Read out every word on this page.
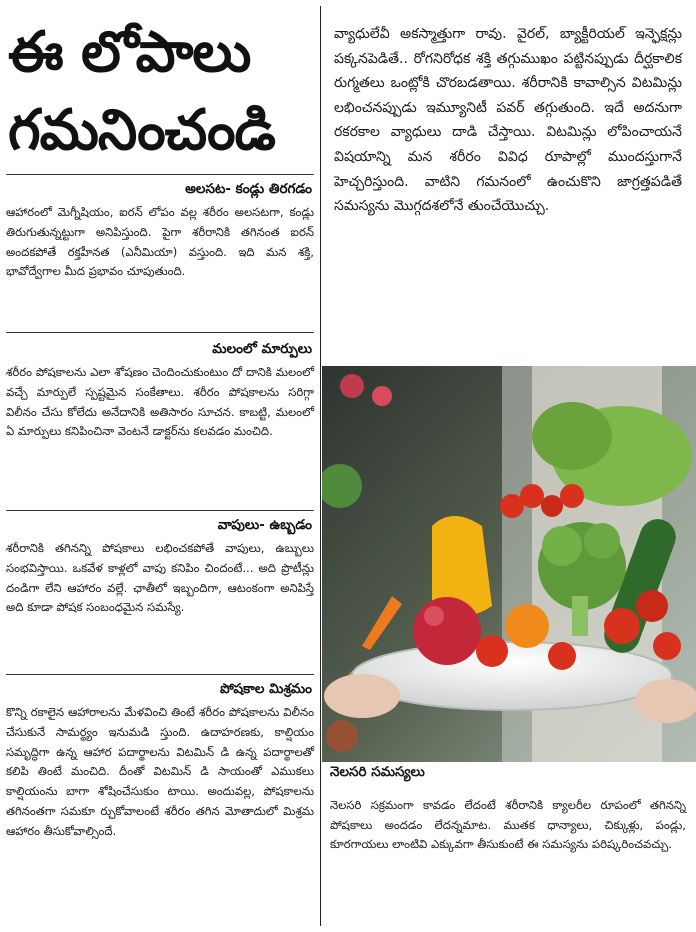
ఈ లోపాలు
గమనించండి
అలసట- కండ్లు తిరగడం
ఆహారంలో మెగ్నీషియం, ఐరన్ లోపం వల్ల శరీరం అలసటగా, కండ్లు తిరుగుతున్నట్టుగా అనిపిస్తుంది. పైగా శరీరానికి తగినంత ఐరన్ అందకపోతే రక్తహీనత (ఎనీమియా) వస్తుంది. ఇది మన శక్తి, భావోద్వేగాల మీద ప్రభావం చూపుతుంది.
మలంలో మార్పులు
శరీరం పోషకాలను ఎలా శోషణం చెందించుకుంటుం దో దానికి మలంలో వచ్చే మార్పులే స్పష్టమైన సంకేతాలు. శరీరం పోషకాలను సరిగ్గా విలీనం చేసు కోలేదు అనేదానికి అతిసారం సూచన. కాబట్టి, మలంలో ఏ మార్పులు కనిపించినా వెంటనే డాక్టర్‌ను కలవడం మంచిది.
వాపులు- ఉబ్బడం
శరీరానికి తగినన్ని పోషకాలు లభించకపోతే వాపులు, ఉబ్బులు సంభవిస్తాయి. ఒకవేళ కాళ్లలో వాపు కనిపిం చిందంటే... అది ప్రొటీన్లు దండిగా లేని ఆహారం వల్లే. ఛాతీలో ఇబ్బందిగా, ఆటంకంగా అనిపిస్తే అది కూడా పోషక సంబంధమైన సమస్యే.
పోషకాల మిశ్రమం
కొన్ని రకాలైన ఆహారాలను మేళవించి తింటే శరీరం పోషకాలను విలీనం చేసుకునే సామర్థ్యం ఇనుమడి స్తుంది. ఉదాహరణకు, కాల్షియం సమృద్ధిగా ఉన్న ఆహార పదార్థాలను విటమిన్ డి ఉన్న పదార్థాలతో కలిపి తింటే మంచిది. దీంతో విటమిన్ డి సాయంతో ఎముకలు కాల్షియంను బాగా శోషించేసుకుం టాయి. అందువల్ల, పోషకాలను తగినంతగా సమకూ ర్చుకోవాలంటే శరీరం తగిన మోతాదులో మిశ్రమ ఆహారం తీసుకోవాల్సిందే.
వ్యాధులేవీ అకస్మాత్తుగా రావు. వైరల్, బ్యాక్టీరియల్ ఇన్ఫెక్షన్లు పక్కనపెడితే.. రోగనిరోధక శక్తి తగ్గుముఖం పట్టినప్పుడు దీర్ఘకాలిక రుగ్మతలు ఒంట్లోకి చొరబడతాయి. శరీరానికి కావాల్సిన విటమిన్లు లభించనప్పుడు ఇమ్యూనిటీ పవర్ తగ్గుతుంది. ఇదే అదనుగా రకరకాల వ్యాధులు దాడి చేస్తాయి. విటమిన్లు లోపించాయనే విషయాన్ని మన శరీరం వివిధ రూపాల్లో ముందస్తుగానే హెచ్చరిస్తుంది. వాటిని గమనంలో ఉంచుకొని జాగ్రత్తపడితే సమస్యను మొగ్గదశలోనే తుంచేయొచ్చు.
నెలసరి సమస్యలు
నెలసరి సక్రమంగా కావడం లేదంటే శరీరానికి క్యాలరీల రూపంలో తగినన్ని పోషకాలు అందడం లేదన్నమాట. ముతక ధాన్యాలు, చిక్కుళ్లు, పండ్లు, కూరగాయలు లాంటివి ఎక్కువగా తీసుకుంటే ఈ సమస్యను పరిష్కరించవచ్చు.
